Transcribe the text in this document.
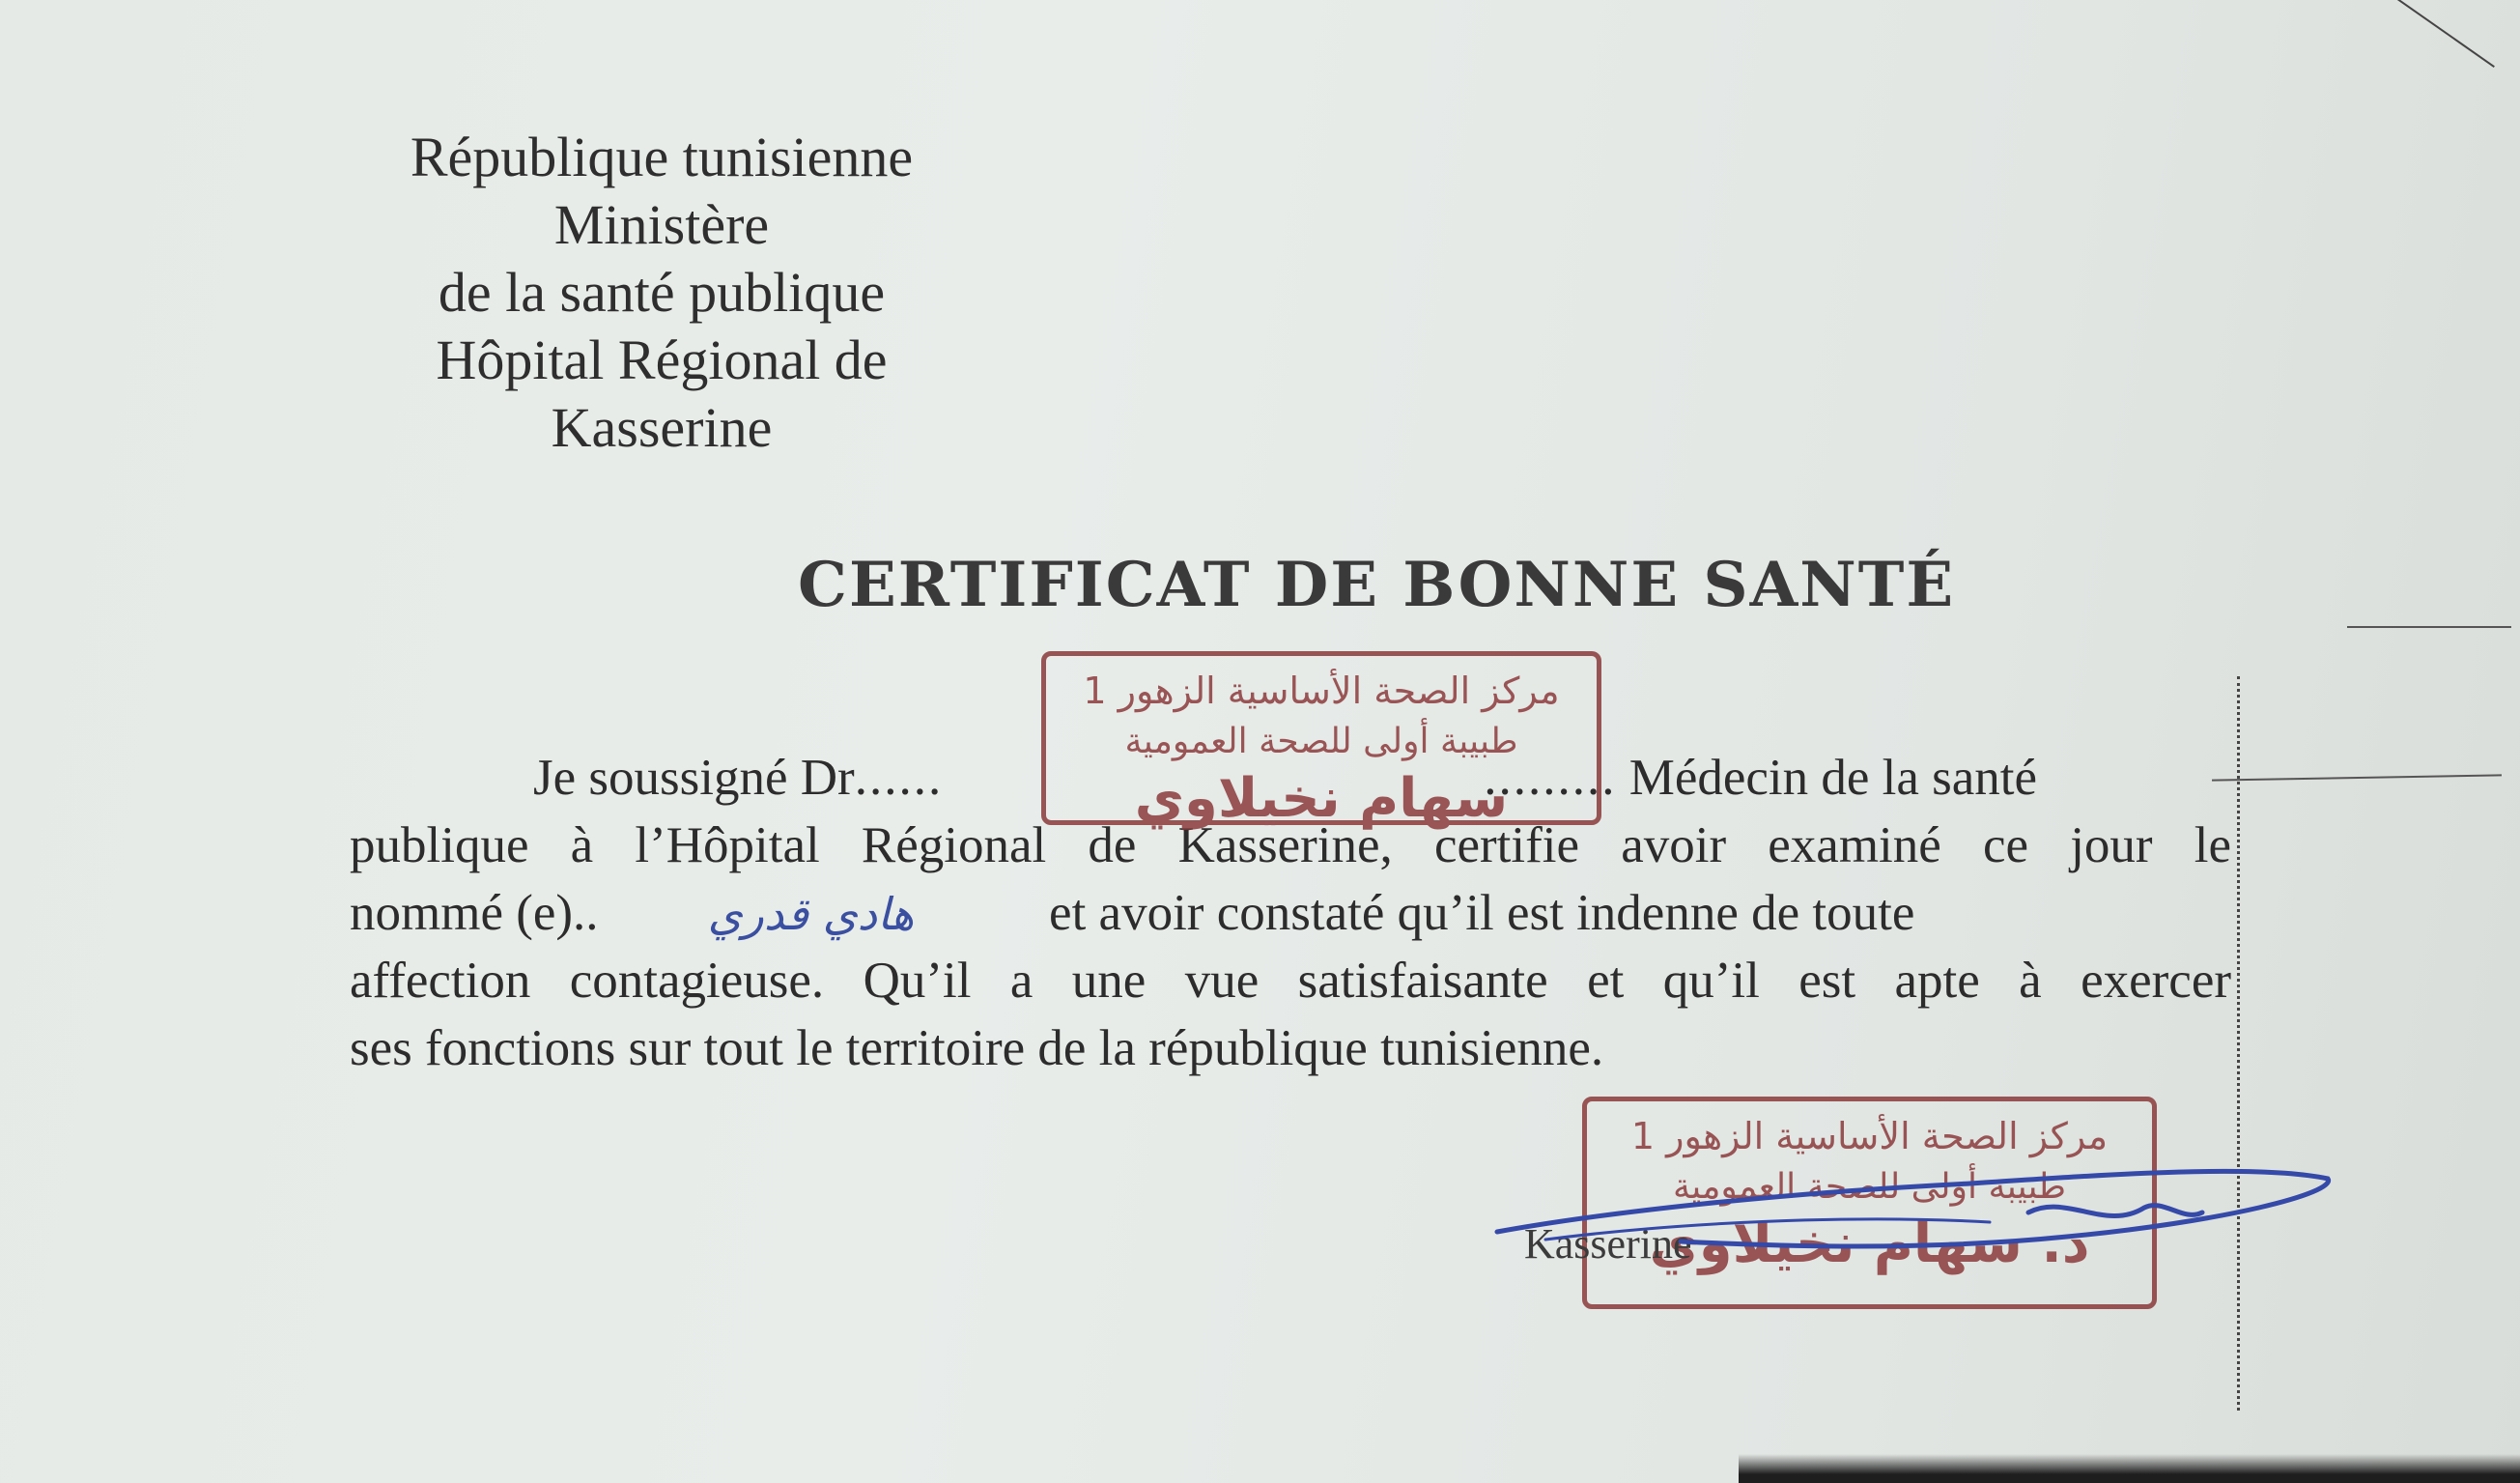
République tunisienne
Ministère
de la santé publique
Hôpital Régional de
Kasserine
CERTIFICAT DE BONNE SANTÉ
Je soussigné Dr......	......... Médecin de la santé
publique à l’Hôpital Régional de Kasserine, certifie avoir examiné ce jour le
nommé (e).. هادي قدري	et avoir constaté qu’il est indenne de toute
affection contagieuse. Qu’il a une vue satisfaisante et qu’il est apte à exercer
ses fonctions sur tout le territoire de la république tunisienne.
مركز الصحة الأساسية الزهور 1
طبيبة أولى للصحة العمومية
سهام نخيلاوي
مركز الصحة الأساسية الزهور 1
طبيبة أولى للصحة العمومية
د. سهام نخيلاوي
Kasserine
